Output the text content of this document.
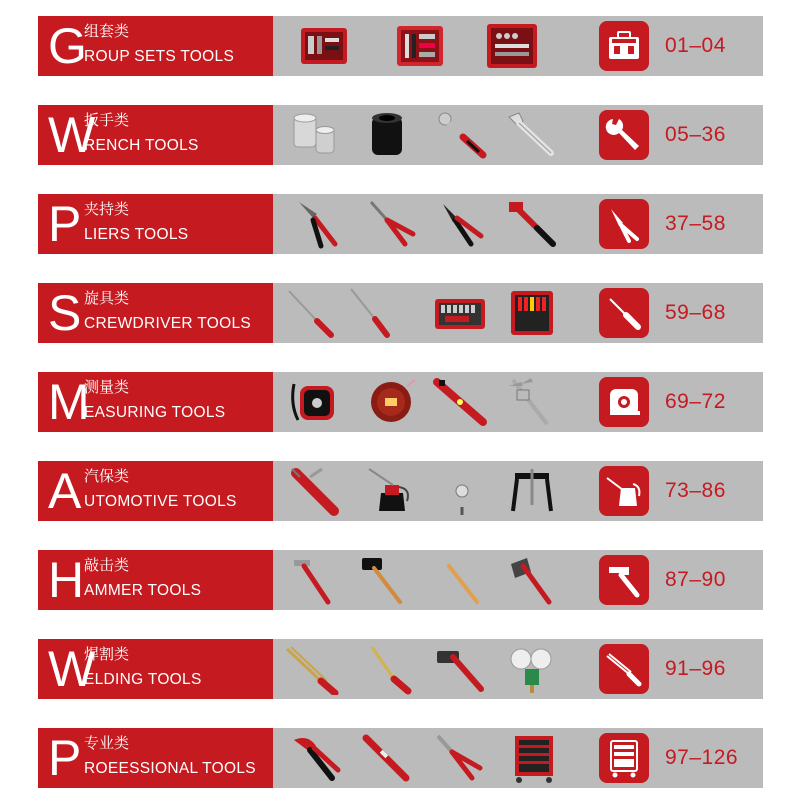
G
组套类
ROUP SETS TOOLS	01–04
W
扳手类
RENCH TOOLS	05–36
P 夹持类
LIERS TOOLS	37–58
S 旋具类
CREWDRIVER TOOLS	59–68
M
测量类
EASURING TOOLS	69–72
A 汽保类
UTOMOTIVE TOOLS	73–86
H 敲击类
AMMER TOOLS	87–90
W
焊割类
ELDING TOOLS	91–96
P 专业类
ROEESSIONAL TOOLS	97–126
